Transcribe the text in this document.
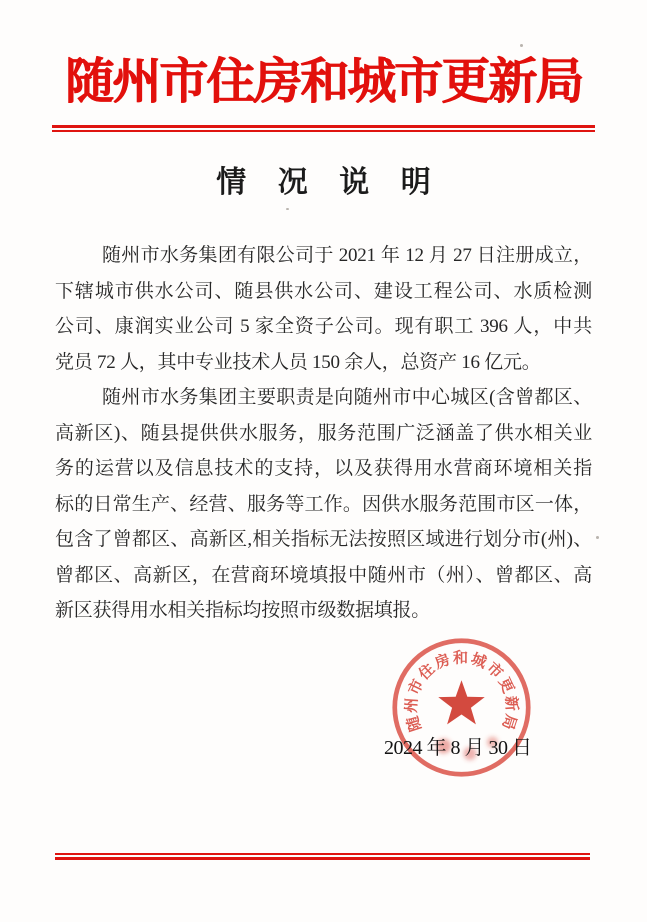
随州市住房和城市更新局
情况说明
随州市水务集团有限公司于 2021 年 12 月 27 日注册成立，
下辖城市供水公司、随县供水公司、建设工程公司、水质检测
公司、康润实业公司 5 家全资子公司。现有职工 396 人，中共
党员 72 人，其中专业技术人员 150 余人，总资产 16 亿元。
随州市水务集团主要职责是向随州市中心城区(含曾都区、
高新区)、随县提供供水服务，服务范围广泛涵盖了供水相关业
务的运营以及信息技术的支持，以及获得用水营商环境相关指
标的日常生产、经营、服务等工作。因供水服务范围市区一体，
包含了曾都区、高新区,相关指标无法按照区域进行划分市(州)、
曾都区、高新区，在营商环境填报中随州市（州）、曾都区、高
新区获得用水相关指标均按照市级数据填报。
随州市住房和城市更新局
2024 年 8 月 30 日
